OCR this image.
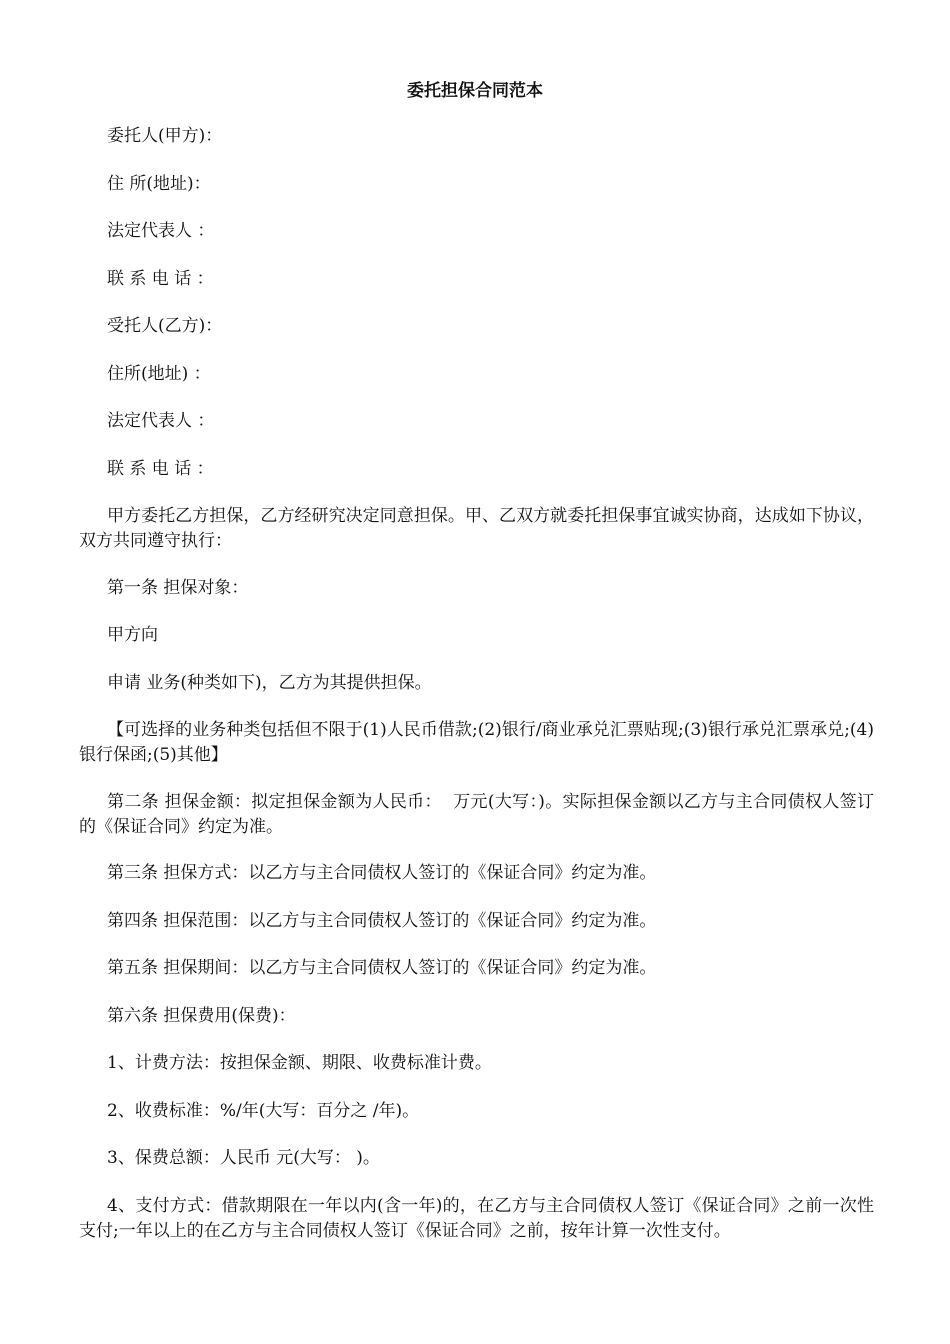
委托担保合同范本
委托人(甲方)：
住 所(地址)：
法定代表人 ：
联 系 电 话 ：
受托人(乙方)：
住所(地址) ：
法定代表人 ：
联 系 电 话 ：
甲方委托乙方担保，乙方经研究决定同意担保。甲、乙双方就委托担保事宜诚实协商，达成如下协议，双方共同遵守执行：
第一条 担保对象：
甲方向
申请 业务(种类如下)，乙方为其提供担保。
【可选择的业务种类包括但不限于(1)人民币借款;(2)银行/商业承兑汇票贴现;(3)银行承兑汇票承兑;(4)银行保函;(5)其他】
第二条 担保金额：拟定担保金额为人民币：  万元(大写：)。实际担保金额以乙方与主合同债权人签订的《保证合同》约定为准。
第三条 担保方式：以乙方与主合同债权人签订的《保证合同》约定为准。
第四条 担保范围：以乙方与主合同债权人签订的《保证合同》约定为准。
第五条 担保期间：以乙方与主合同债权人签订的《保证合同》约定为准。
第六条 担保费用(保费)：
1、计费方法：按担保金额、期限、收费标准计费。
2、收费标准：%/年(大写：百分之 /年)。
3、保费总额：人民币 元(大写： )。
4、支付方式：借款期限在一年以内(含一年)的，在乙方与主合同债权人签订《保证合同》之前一次性支付;一年以上的在乙方与主合同债权人签订《保证合同》之前，按年计算一次性支付。
